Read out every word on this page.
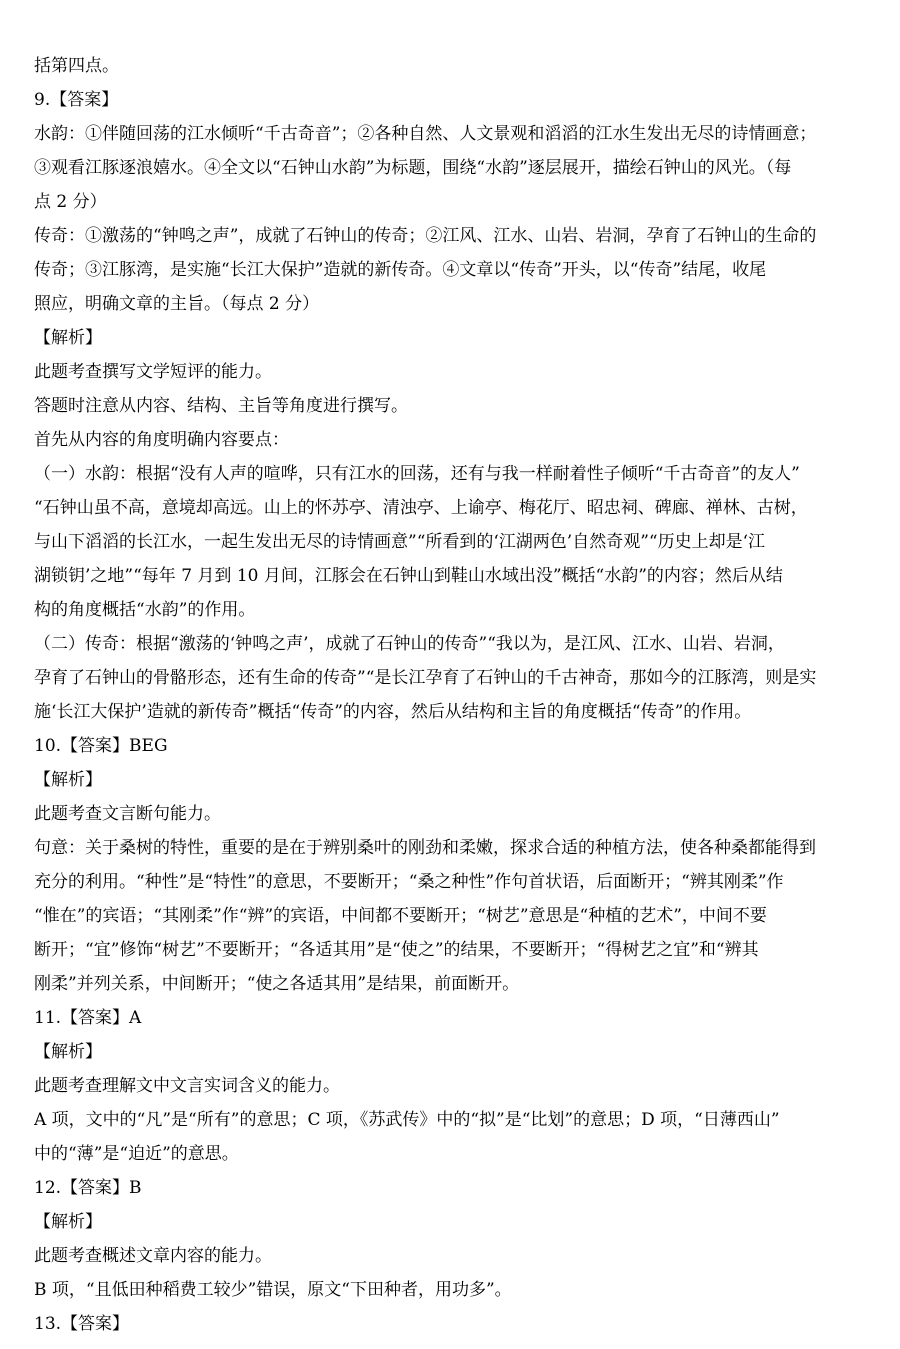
括第四点。
9.【答案】
水韵：①伴随回荡的江水倾听“千古奇音”；②各种自然、人文景观和滔滔的江水生发出无尽的诗情画意；
③观看江豚逐浪嬉水。④全文以“石钟山水韵”为标题，围绕“水韵”逐层展开，描绘石钟山的风光。（每
点 2 分）
传奇：①激荡的“钟鸣之声”，成就了石钟山的传奇；②江风、江水、山岩、岩洞，孕育了石钟山的生命的
传奇；③江豚湾，是实施“长江大保护”造就的新传奇。④文章以“传奇”开头，以“传奇”结尾，收尾
照应，明确文章的主旨。（每点 2 分）
【解析】
此题考查撰写文学短评的能力。
答题时注意从内容、结构、主旨等角度进行撰写。
首先从内容的角度明确内容要点：
（一）水韵：根据“没有人声的喧哗，只有江水的回荡，还有与我一样耐着性子倾听“千古奇音”的友人”
“石钟山虽不高，意境却高远。山上的怀苏亭、清浊亭、上谕亭、梅花厅、昭忠祠、碑廊、禅林、古树，
与山下滔滔的长江水，一起生发出无尽的诗情画意”“所看到的‘江湖两色’自然奇观”“历史上却是‘江
湖锁钥’之地”“每年 7 月到 10 月间，江豚会在石钟山到鞋山水域出没”概括“水韵”的内容；然后从结
构的角度概括“水韵”的作用。
（二）传奇：根据“激荡的‘钟鸣之声’，成就了石钟山的传奇”“我以为，是江风、江水、山岩、岩洞，
孕育了石钟山的骨骼形态，还有生命的传奇”“是长江孕育了石钟山的千古神奇，那如今的江豚湾，则是实
施‘长江大保护’造就的新传奇”概括“传奇”的内容，然后从结构和主旨的角度概括“传奇”的作用。
10.【答案】BEG
【解析】
此题考查文言断句能力。
句意：关于桑树的特性，重要的是在于辨别桑叶的刚劲和柔嫩，探求合适的种植方法，使各种桑都能得到
充分的利用。“种性”是“特性”的意思，不要断开；“桑之种性”作句首状语，后面断开；“辨其刚柔”作
“惟在”的宾语；“其刚柔”作“辨”的宾语，中间都不要断开；“树艺”意思是“种植的艺术”，中间不要
断开；“宜”修饰“树艺”不要断开；“各适其用”是“使之”的结果，不要断开；“得树艺之宜”和“辨其
刚柔”并列关系，中间断开；“使之各适其用”是结果，前面断开。
11.【答案】A
【解析】
此题考查理解文中文言实词含义的能力。
A 项，文中的“凡”是“所有”的意思；C 项，《苏武传》中的“拟”是“比划”的意思；D 项，“日薄西山”
中的“薄”是“迫近”的意思。
12.【答案】B
【解析】
此题考查概述文章内容的能力。
B 项，“且低田种稻费工较少”错误，原文“下田种者，用功多”。
13.【答案】
